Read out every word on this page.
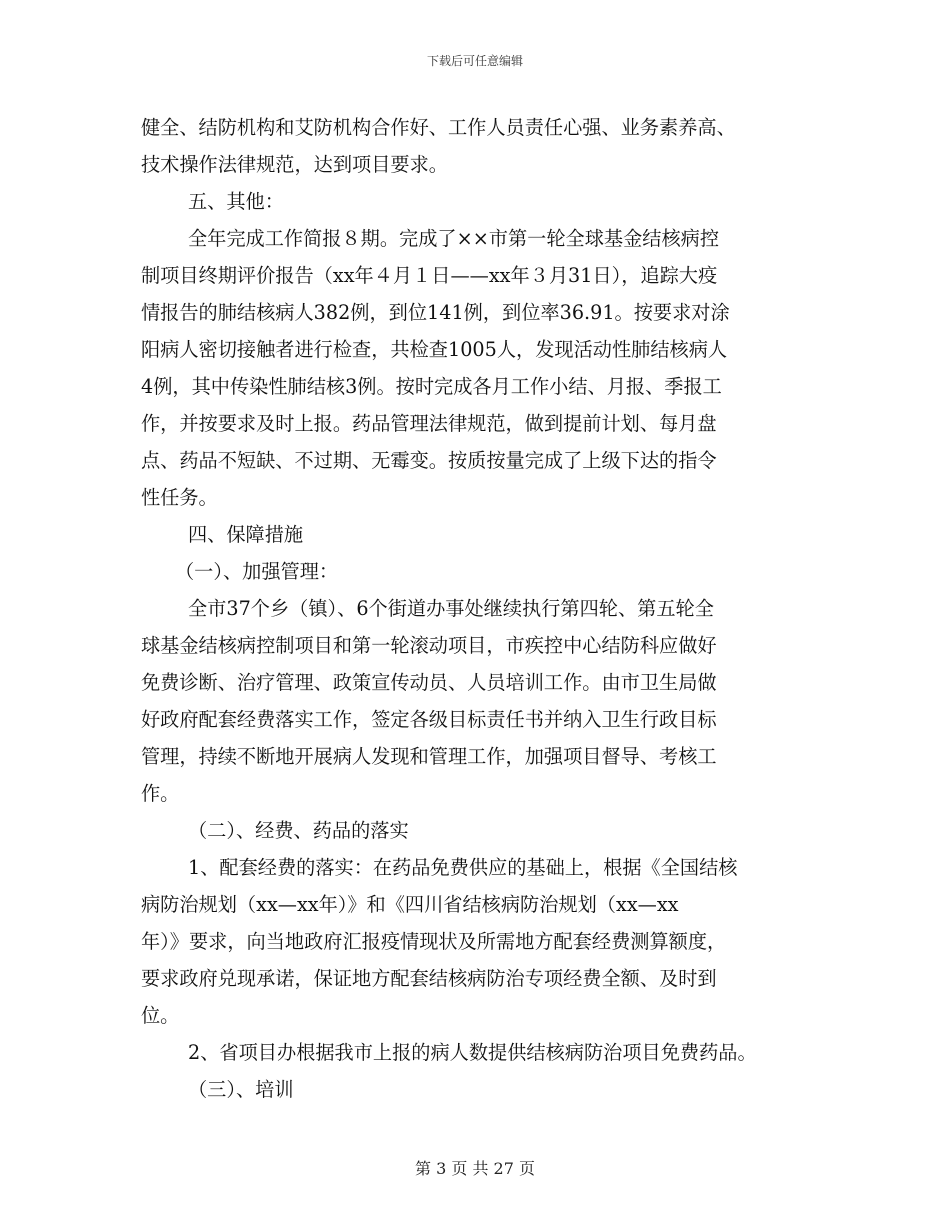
下载后可任意编辑
健全、结防机构和艾防机构合作好、工作人员责任心强、业务素养高、
技术操作法律规范，达到项目要求。
五、其他：
全年完成工作简报８期。完成了××市第一轮全球基金结核病控
制项目终期评价报告（xx年４月１日——xx年３月31日），追踪大疫
情报告的肺结核病人382例，到位141例，到位率36.91。按要求对涂
阳病人密切接触者进行检查，共检查1005人，发现活动性肺结核病人
4例，其中传染性肺结核3例。按时完成各月工作小结、月报、季报工
作，并按要求及时上报。药品管理法律规范，做到提前计划、每月盘
点、药品不短缺、不过期、无霉变。按质按量完成了上级下达的指令
性任务。
四、保障措施
（一）、加强管理：
全市37个乡（镇）、6个街道办事处继续执行第四轮、第五轮全
球基金结核病控制项目和第一轮滚动项目，市疾控中心结防科应做好
免费诊断、治疗管理、政策宣传动员、人员培训工作。由市卫生局做
好政府配套经费落实工作，签定各级目标责任书并纳入卫生行政目标
管理，持续不断地开展病人发现和管理工作，加强项目督导、考核工
作。
（二）、经费、药品的落实
1、配套经费的落实：在药品免费供应的基础上，根据《全国结核
病防治规划（xx—xx年）》和《四川省结核病防治规划（xx—xx
年）》要求，向当地政府汇报疫情现状及所需地方配套经费测算额度，
要求政府兑现承诺，保证地方配套结核病防治专项经费全额、及时到
位。
2、省项目办根据我市上报的病人数提供结核病防治项目免费药品。
（三）、培训
第 3 页 共 27 页
